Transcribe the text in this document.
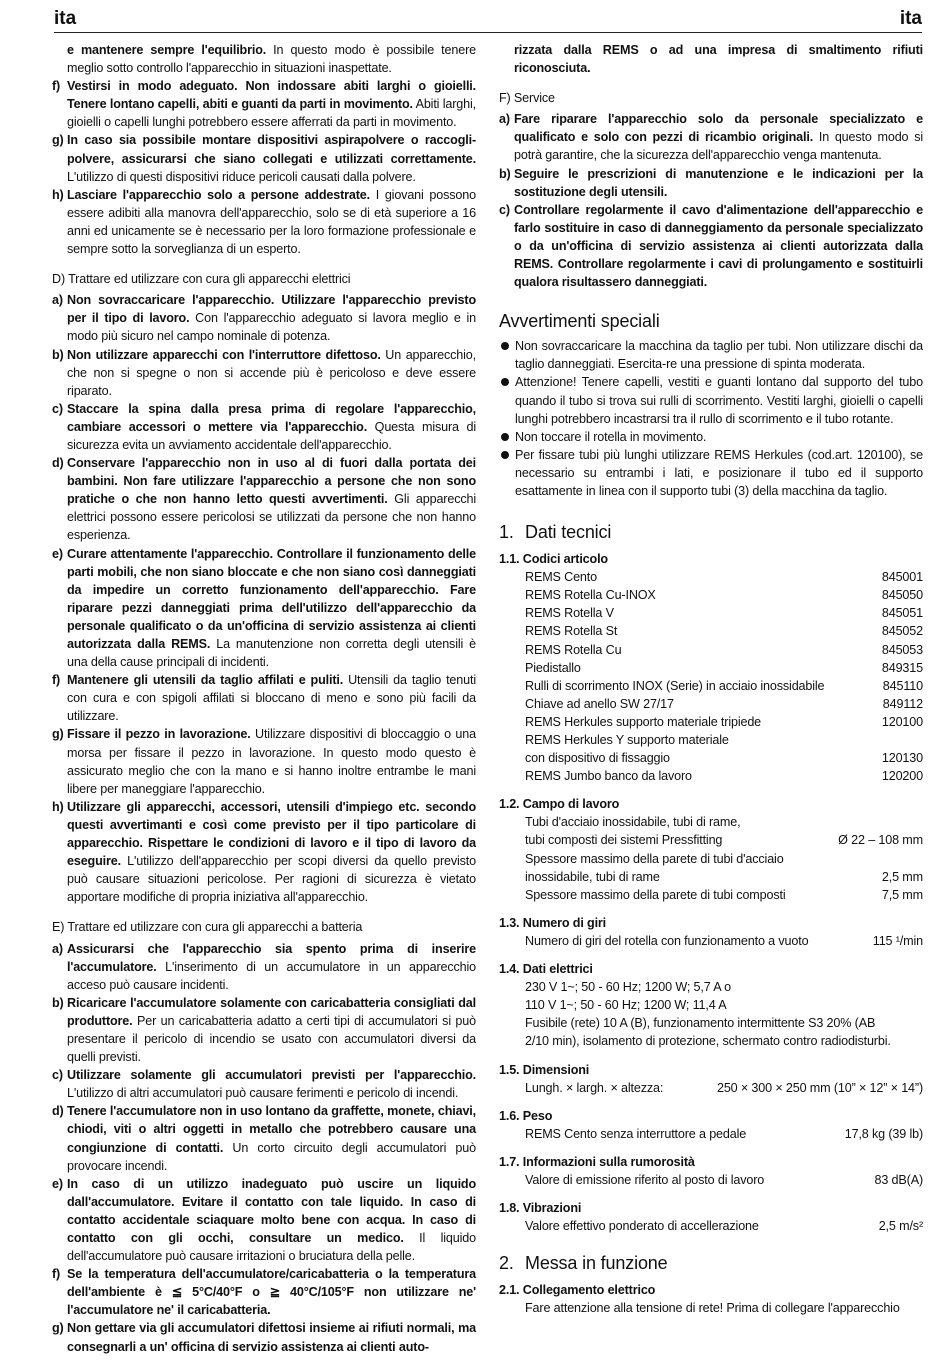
ita	ita
e mantenere sempre l'equilibrio. In questo modo è possibile tenere meglio sotto controllo l'apparecchio in situazioni inaspettate.
f) Vestirsi in modo adeguato. Non indossare abiti larghi o gioielli. Tenere lontano capelli, abiti e guanti da parti in movimento. Abiti larghi, gioielli o capelli lunghi potrebbero essere afferrati da parti in movimento.
g) In caso sia possibile montare dispositivi aspirapolvere o raccogli-polvere, assicurarsi che siano collegati e utilizzati correttamente. L'utilizzo di questi dispositivi riduce pericoli causati dalla polvere.
h) Lasciare l'apparecchio solo a persone addestrate. I giovani possono essere adibiti alla manovra dell'apparecchio, solo se di età superiore a 16 anni ed unicamente se è necessario per la loro formazione professionale e sempre sotto la sorveglianza di un esperto.
D) Trattare ed utilizzare con cura gli apparecchi elettrici
a) Non sovraccaricare l'apparecchio. Utilizzare l'apparecchio previsto per il tipo di lavoro. Con l'apparecchio adeguato si lavora meglio e in modo più sicuro nel campo nominale di potenza.
b) Non utilizzare apparecchi con l'interruttore difettoso. Un apparecchio, che non si spegne o non si accende più è pericoloso e deve essere riparato.
c) Staccare la spina dalla presa prima di regolare l'apparecchio, cambiare accessori o mettere via l'apparecchio. Questa misura di sicurezza evita un avviamento accidentale dell'apparecchio.
d) Conservare l'apparecchio non in uso al di fuori dalla portata dei bambini. Non fare utilizzare l'apparecchio a persone che non sono pratiche o che non hanno letto questi avvertimenti. Gli apparecchi elettrici possono essere pericolosi se utilizzati da persone che non hanno esperienza.
e) Curare attentamente l'apparecchio. Controllare il funzionamento delle parti mobili, che non siano bloccate e che non siano così danneggiati da impedire un corretto funzionamento dell'apparecchio. Fare riparare pezzi danneggiati prima dell'utilizzo dell'apparecchio da personale qualificato o da un'officina di servizio assistenza ai clienti autorizzata dalla REMS. La manutenzione non corretta degli utensili è una della cause principali di incidenti.
f) Mantenere gli utensili da taglio affilati e puliti. Utensili da taglio tenuti con cura e con spigoli affilati si bloccano di meno e sono più facili da utilizzare.
g) Fissare il pezzo in lavorazione. Utilizzare dispositivi di bloccaggio o una morsa per fissare il pezzo in lavorazione. In questo modo questo è assicurato meglio che con la mano e si hanno inoltre entrambe le mani libere per maneggiare l'apparecchio.
h) Utilizzare gli apparecchi, accessori, utensili d'impiego etc. secondo questi avvertimanti e così come previsto per il tipo particolare di apparecchio. Rispettare le condizioni di lavoro e il tipo di lavoro da eseguire. L'utilizzo dell'apparecchio per scopi diversi da quello previsto può causare situazioni pericolose. Per ragioni di sicurezza è vietato apportare modifiche di propria iniziativa all'apparecchio.
E) Trattare ed utilizzare con cura gli apparecchi a batteria
a) Assicurarsi che l'apparecchio sia spento prima di inserire l'accumulatore. L'inserimento di un accumulatore in un apparecchio acceso può causare incidenti.
b) Ricaricare l'accumulatore solamente con caricabatteria consigliati dal produttore. Per un caricabatteria adatto a certi tipi di accumulatori si può presentare il pericolo di incendio se usato con accumulatori diversi da quelli previsti.
c) Utilizzare solamente gli accumulatori previsti per l'apparecchio. L'utilizzo di altri accumulatori può causare ferimenti e pericolo di incendi.
d) Tenere l'accumulatore non in uso lontano da graffette, monete, chiavi, chiodi, viti o altri oggetti in metallo che potrebbero causare una congiunzione di contatti. Un corto circuito degli accumulatori può provocare incendi.
e) In caso di un utilizzo inadeguato può uscire un liquido dall'accumulatore. Evitare il contatto con tale liquido. In caso di contatto accidentale sciaquare molto bene con acqua. In caso di contatto con gli occhi, consultare un medico. Il liquido dell'accumulatore può causare irritazioni o bruciatura della pelle.
f) Se la temperatura dell'accumulatore/caricabatteria o la temperatura dell'ambiente è ≦ 5°C/40°F o ≧ 40°C/105°F non utilizzare ne' l'accumulatore ne' il caricabatteria.
g) Non gettare via gli accumulatori difettosi insieme ai rifiuti normali, ma consegnarli a un' officina di servizio assistenza ai clienti auto-
rizzata dalla REMS o ad una impresa di smaltimento rifiuti riconosciuta.
F) Service
a) Fare riparare l'apparecchio solo da personale specializzato e qualificato e solo con pezzi di ricambio originali. In questo modo si potrà garantire, che la sicurezza dell'apparecchio venga mantenuta.
b) Seguire le prescrizioni di manutenzione e le indicazioni per la sostituzione degli utensili.
c) Controllare regolarmente il cavo d'alimentazione dell'apparecchio e farlo sostituire in caso di danneggiamento da personale specializzato o da un'officina di servizio assistenza ai clienti autorizzata dalla REMS. Controllare regolarmente i cavi di prolungamento e sostituirli qualora risultassero danneggiati.
Avvertimenti speciali
Non sovraccaricare la macchina da taglio per tubi. Non utilizzare dischi da taglio danneggiati. Esercita-re una pressione di spinta moderata.
Attenzione! Tenere capelli, vestiti e guanti lontano dal supporto del tubo quando il tubo si trova sui rulli di scorrimento. Vestiti larghi, gioielli o capelli lunghi potrebbero incastrarsi tra il rullo di scorrimento e il tubo rotante.
Non toccare il rotella in movimento.
Per fissare tubi più lunghi utilizzare REMS Herkules (cod.art. 120100), se necessario su entrambi i lati, e posizionare il tubo ed il supporto esattamente in linea con il supporto tubi (3) della macchina da taglio.
1. Dati tecnici
1.1. Codici articolo
REMS Cento	845001
REMS Rotella Cu-INOX	845050
REMS Rotella V	845051
REMS Rotella St	845052
REMS Rotella Cu	845053
Piedistallo	849315
Rulli di scorrimento INOX (Serie) in acciaio inossidabile	845110
Chiave ad anello SW 27/17	849112
REMS Herkules supporto materiale tripiede	120100
REMS Herkules Y supporto materiale
con dispositivo di fissaggio	120130
REMS Jumbo banco da lavoro	120200
1.2. Campo di lavoro
Tubi d'acciaio inossidabile, tubi di rame,
tubi composti dei sistemi Pressfitting	Ø 22 – 108 mm
Spessore massimo della parete di tubi d'acciaio
inossidabile, tubi di rame	2,5 mm
Spessore massimo della parete di tubi composti	7,5 mm
1.3. Numero di giri
Numero di giri del rotella con funzionamento a vuoto	115 ¹/min
1.4. Dati elettrici
230 V 1~; 50 - 60 Hz; 1200 W; 5,7 A o
110 V 1~; 50 - 60 Hz; 1200 W; 11,4 A
Fusibile (rete) 10 A (B), funzionamento intermittente S3 20% (AB
2/10 min), isolamento di protezione, schermato contro radiodisturbi.
1.5. Dimensioni
Lungh. × largh. × altezza:	250 × 300 × 250 mm (10” × 12” × 14”)
1.6. Peso
REMS Cento senza interruttore a pedale	17,8 kg (39 lb)
1.7. Informazioni sulla rumorosità
Valore di emissione riferito al posto di lavoro	83 dB(A)
1.8. Vibrazioni
Valore effettivo ponderato di accellerazione	2,5 m/s²
2. Messa in funzione
2.1. Collegamento elettrico
Fare attenzione alla tensione di rete! Prima di collegare l'apparecchio
